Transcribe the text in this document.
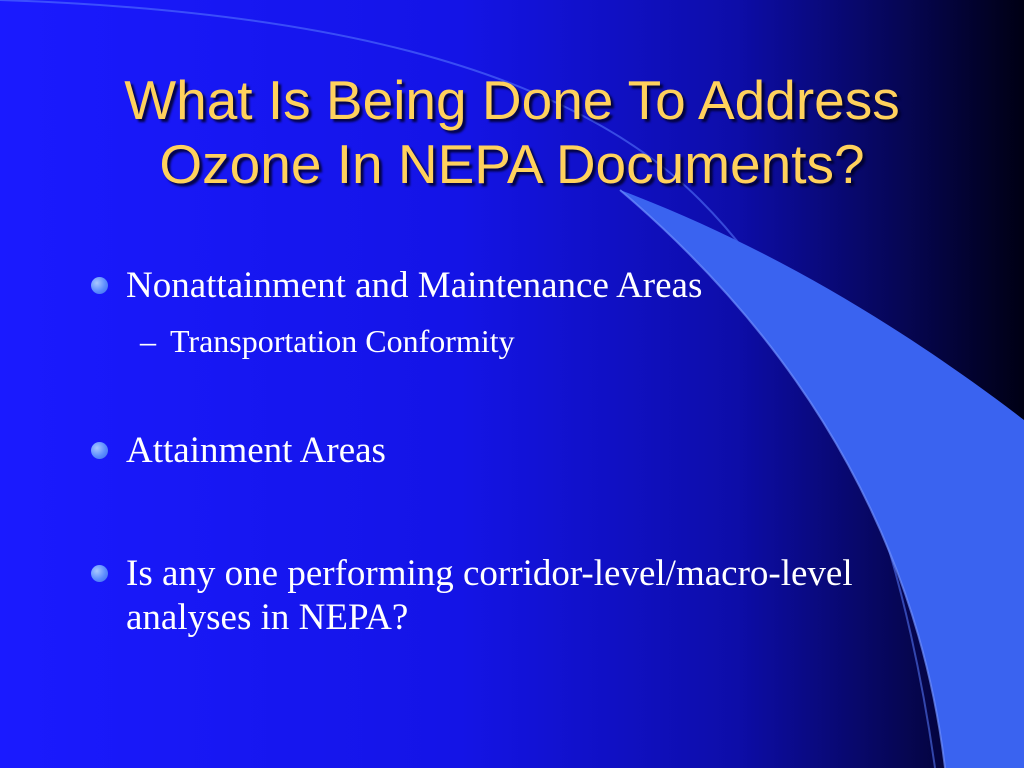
What Is Being Done To Address Ozone In NEPA Documents?
Nonattainment and Maintenance Areas
Attainment Areas
Is any one performing corridor-level/macro-level analyses in NEPA?
– Transportation Conformity
